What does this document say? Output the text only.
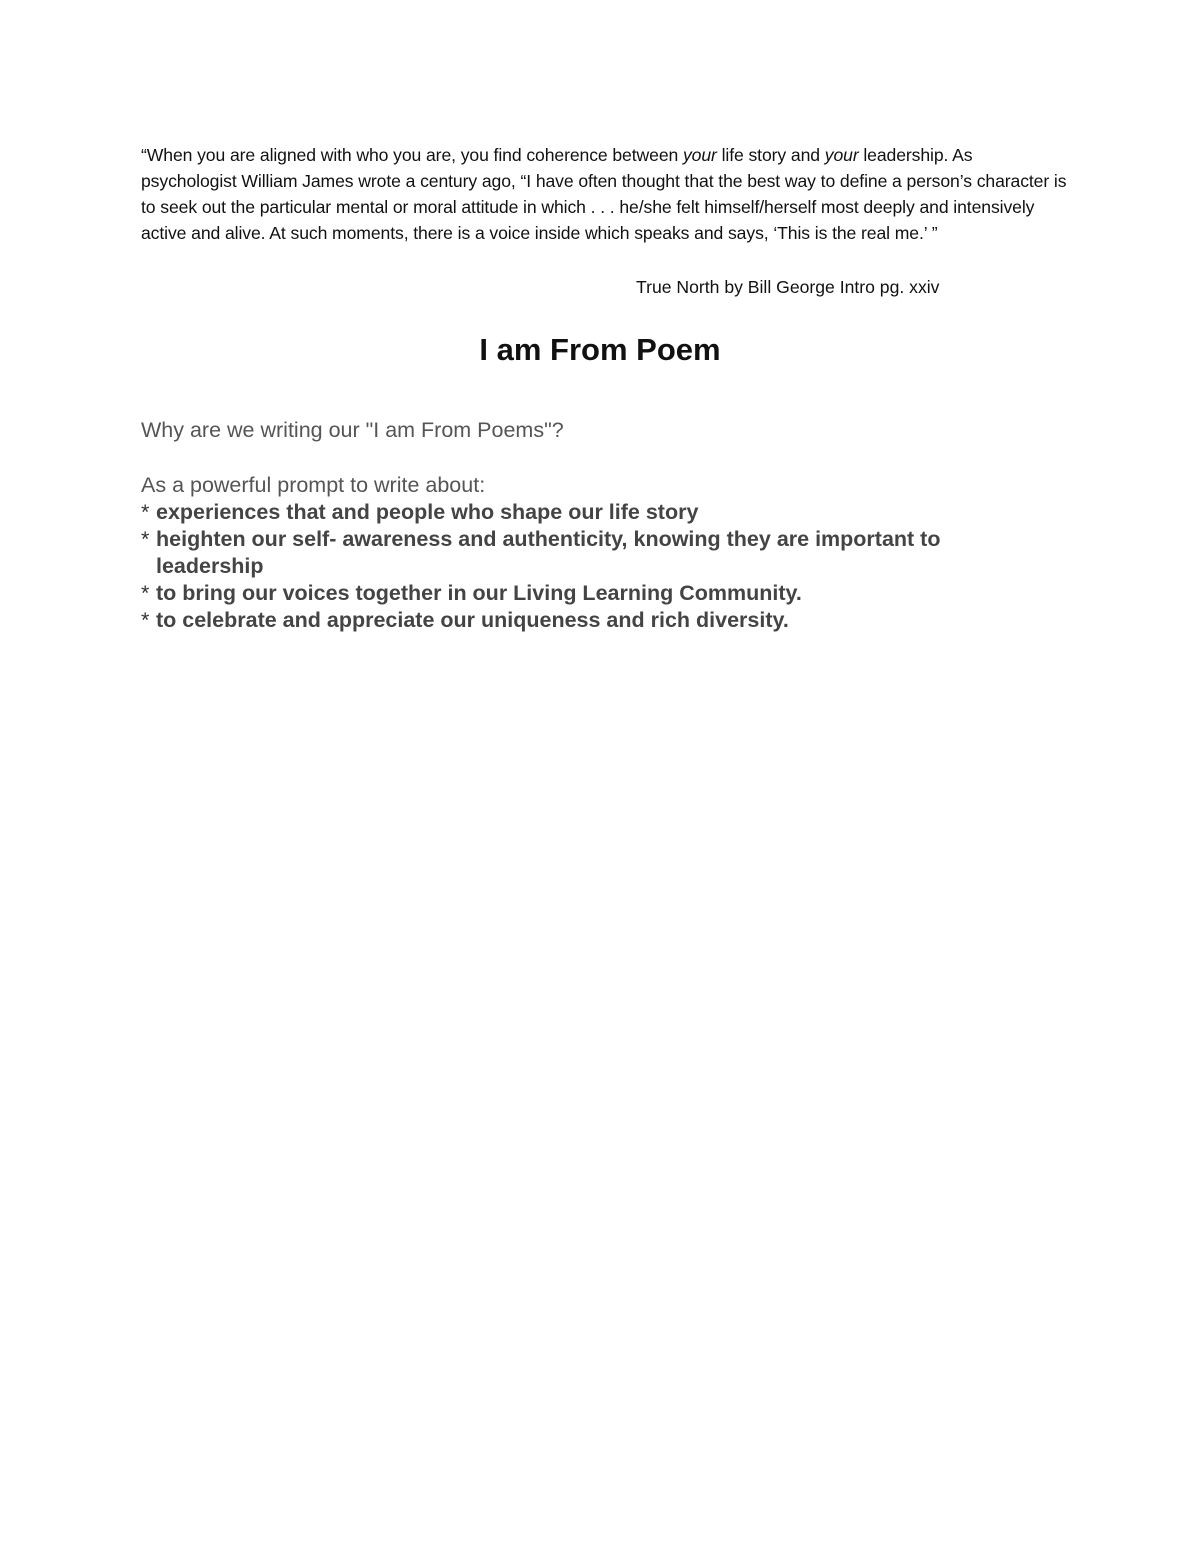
“When you are aligned with who you are, you find coherence between your life story and your leadership. As psychologist William James wrote a century ago, “I have often thought that the best way to define a person’s character is to seek out the particular mental or moral attitude in which . . . he/she felt himself/herself most deeply and intensively active and alive. At such moments, there is a voice inside which speaks and says, ‘This is the real me.’ ”

True North by Bill George Intro pg. xxiv
I am From Poem
Why are we writing our "I am From Poems"?
As a powerful prompt to write about:
* experiences that and people who shape our life story
* heighten our self- awareness and authenticity, knowing they are important to leadership
* to bring our voices together in our Living Learning Community.
* to celebrate and appreciate our uniqueness and rich diversity.
